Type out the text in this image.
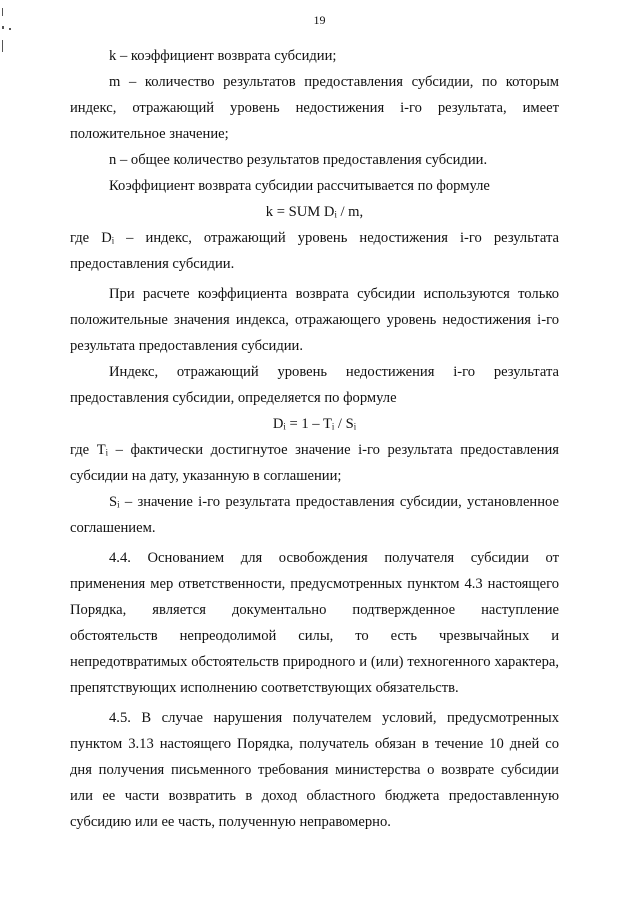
19

k – коэффициент возврата субсидии;

m – количество результатов предоставления субсидии, по которым индекс, отражающий уровень недостижения i-го результата, имеет положительное значение;

n – общее количество результатов предоставления субсидии.

Коэффициент возврата субсидии рассчитывается по формуле

k = SUM Dᵢ / m,

где Dᵢ – индекс, отражающий уровень недостижения i-го результата предоставления субсидии.

При расчете коэффициента возврата субсидии используются только положительные значения индекса, отражающего уровень недостижения i-го результата предоставления субсидии.

Индекс, отражающий уровень недостижения i-го результата предоставления субсидии, определяется по формуле

Dᵢ = 1 – Tᵢ / Sᵢ

где Tᵢ – фактически достигнутое значение i-го результата предоставления субсидии на дату, указанную в соглашении;

Sᵢ – значение i-го результата предоставления субсидии, установленное соглашением.

4.4. Основанием для освобождения получателя субсидии от применения мер ответственности, предусмотренных пунктом 4.3 настоящего Порядка, является документально подтвержденное наступление обстоятельств непреодолимой силы, то есть чрезвычайных и непредотвратимых обстоятельств природного и (или) техногенного характера, препятствующих исполнению соответствующих обязательств.

4.5. В случае нарушения получателем условий, предусмотренных пунктом 3.13 настоящего Порядка, получатель обязан в течение 10 дней со дня получения письменного требования министерства о возврате субсидии или ее части возвратить в доход областного бюджета предоставленную субсидию или ее часть, полученную неправомерно.
